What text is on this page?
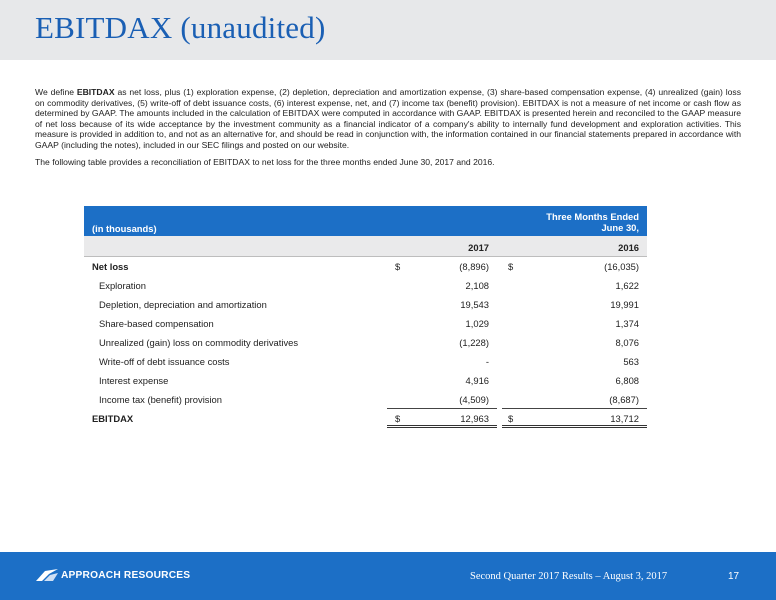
EBITDAX (unaudited)
We define EBITDAX as net loss, plus (1) exploration expense, (2) depletion, depreciation and amortization expense, (3) share-based compensation expense, (4) unrealized (gain) loss on commodity derivatives, (5) write-off of debt issuance costs, (6) interest expense, net, and (7) income tax (benefit) provision). EBITDAX is not a measure of net income or cash flow as determined by GAAP. The amounts included in the calculation of EBITDAX were computed in accordance with GAAP. EBITDAX is presented herein and reconciled to the GAAP measure of net loss because of its wide acceptance by the investment community as a financial indicator of a company's ability to internally fund development and exploration activities. This measure is provided in addition to, and not as an alternative for, and should be read in conjunction with, the information contained in our financial statements prepared in accordance with GAAP (including the notes), included in our SEC filings and posted on our website.
The following table provides a reconciliation of EBITDAX to net loss for the three months ended June 30, 2017 and 2016.
(in thousands)
Three Months Ended
June 30,
2017	2016
Net loss	$	(8,896) $	(16,035)
Exploration	2,108	1,622
Depletion, depreciation and amortization	19,543	19,991
Share-based compensation	1,029	1,374
Unrealized (gain) loss on commodity derivatives	(1,228)	8,076
Write-off of debt issuance costs	-	563
Interest expense	4,916	6,808
Income tax (benefit) provision	(4,509)	(8,687)
EBITDAX	$	12,963 $	13,712
APPROACH RESOURCES	Second Quarter 2017 Results – August 3, 2017	17
